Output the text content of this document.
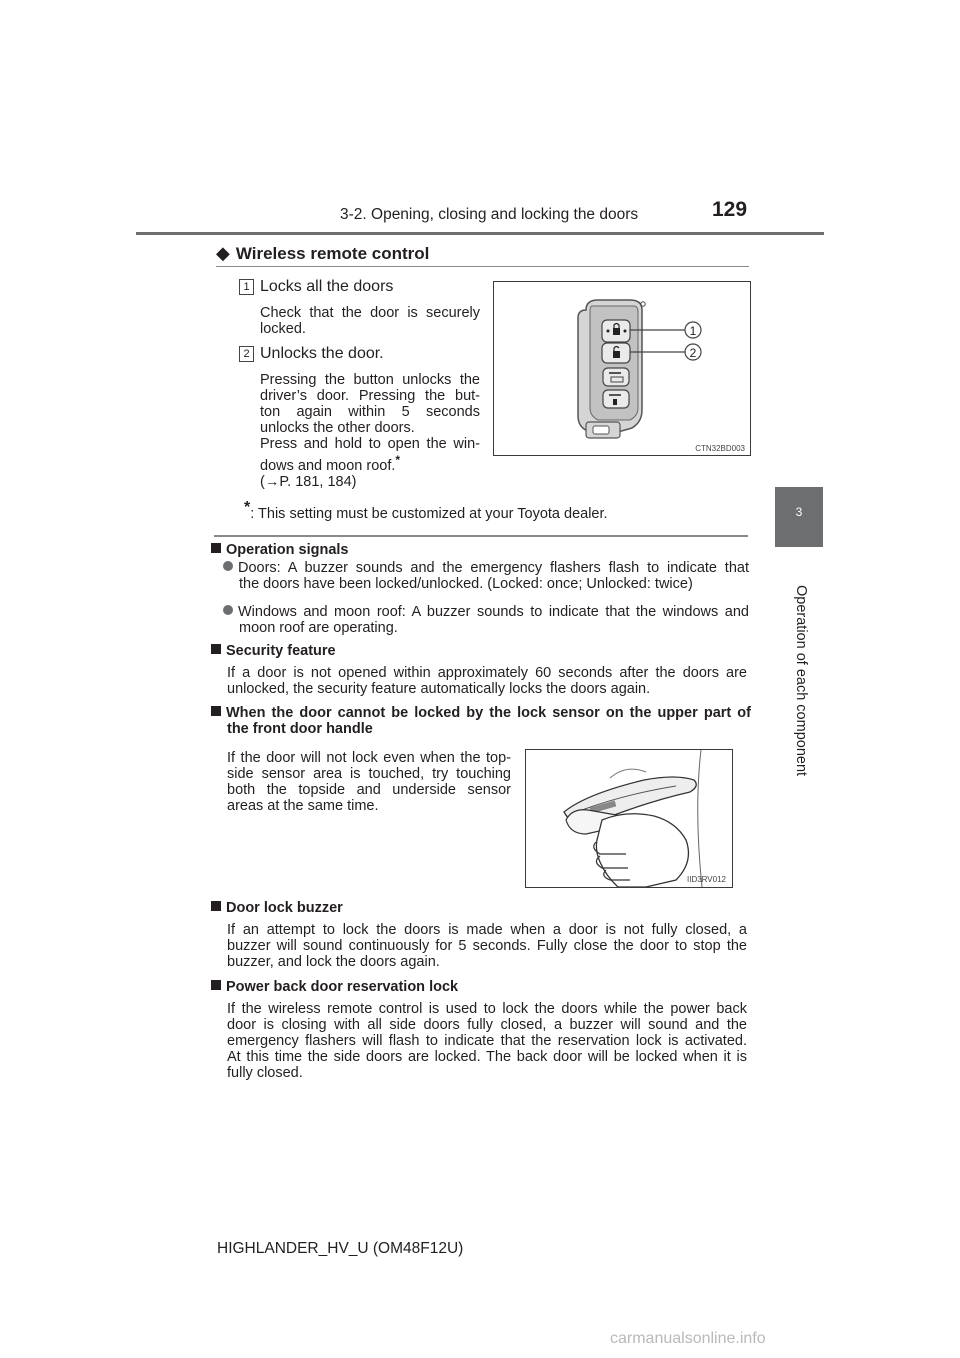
3-2. Opening, closing and locking the doors	129
3
Operation of each component
◆ Wireless remote control
1 Locks all the doors
Check that the door is securely
locked.
2 Unlocks the door.
Pressing the button unlocks the
driver’s door. Pressing the but-
ton again within 5 seconds
unlocks the other doors.
Press and hold to open the win-
dows and moon roof.*
(→P. 181, 184)
1
2
CTN32BD003
*: This setting must be customized at your Toyota dealer.
Operation signals
Doors: A buzzer sounds and the emergency flashers flash to indicate that
the doors have been locked/unlocked. (Locked: once; Unlocked: twice)
Windows and moon roof: A buzzer sounds to indicate that the windows and
moon roof are operating.
Security feature
If a door is not opened within approximately 60 seconds after the doors are
unlocked, the security feature automatically locks the doors again.
When the door cannot be locked by the lock sensor on the upper part of
the front door handle
If the door will not lock even when the top-
side sensor area is touched, try touching
both the topside and underside sensor
areas at the same time.
IID3RV012
Door lock buzzer
If an attempt to lock the doors is made when a door is not fully closed, a
buzzer will sound continuously for 5 seconds. Fully close the door to stop the
buzzer, and lock the doors again.
Power back door reservation lock
If the wireless remote control is used to lock the doors while the power back
door is closing with all side doors fully closed, a buzzer will sound and the
emergency flashers will flash to indicate that the reservation lock is activated.
At this time the side doors are locked. The back door will be locked when it is
fully closed.
HIGHLANDER_HV_U (OM48F12U)
carmanualsonline.info
